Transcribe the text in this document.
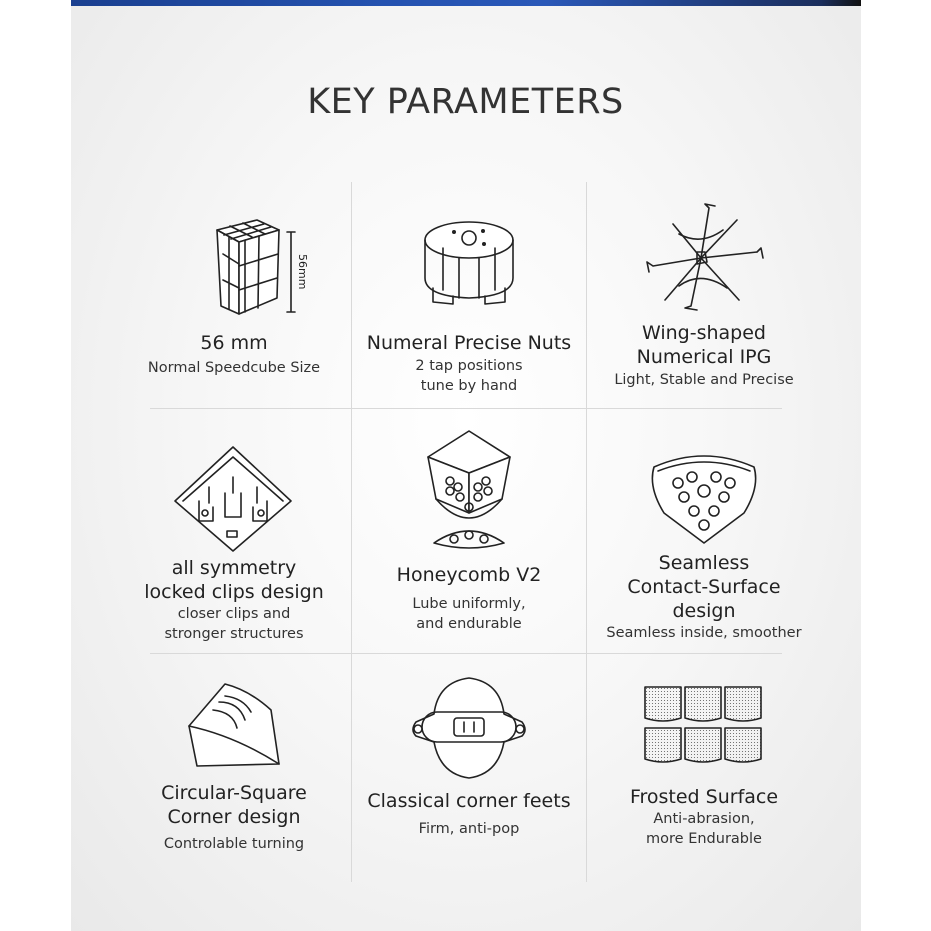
KEY PARAMETERS
56mm
56 mm
Normal Speedcube Size
Numeral Precise Nuts
2 tap positions
tune by hand
Wing-shaped
Numerical IPG
Light, Stable and Precise
all symmetry
locked clips design
closer clips and
stronger structures
Honeycomb V2
Lube uniformly,
and endurable
Seamless
Contact-Surface
design
Seamless inside, smoother
Circular-Square
Corner design
Controlable turning
Classical corner feets
Firm, anti-pop
Frosted Surface
Anti-abrasion,
more Endurable
